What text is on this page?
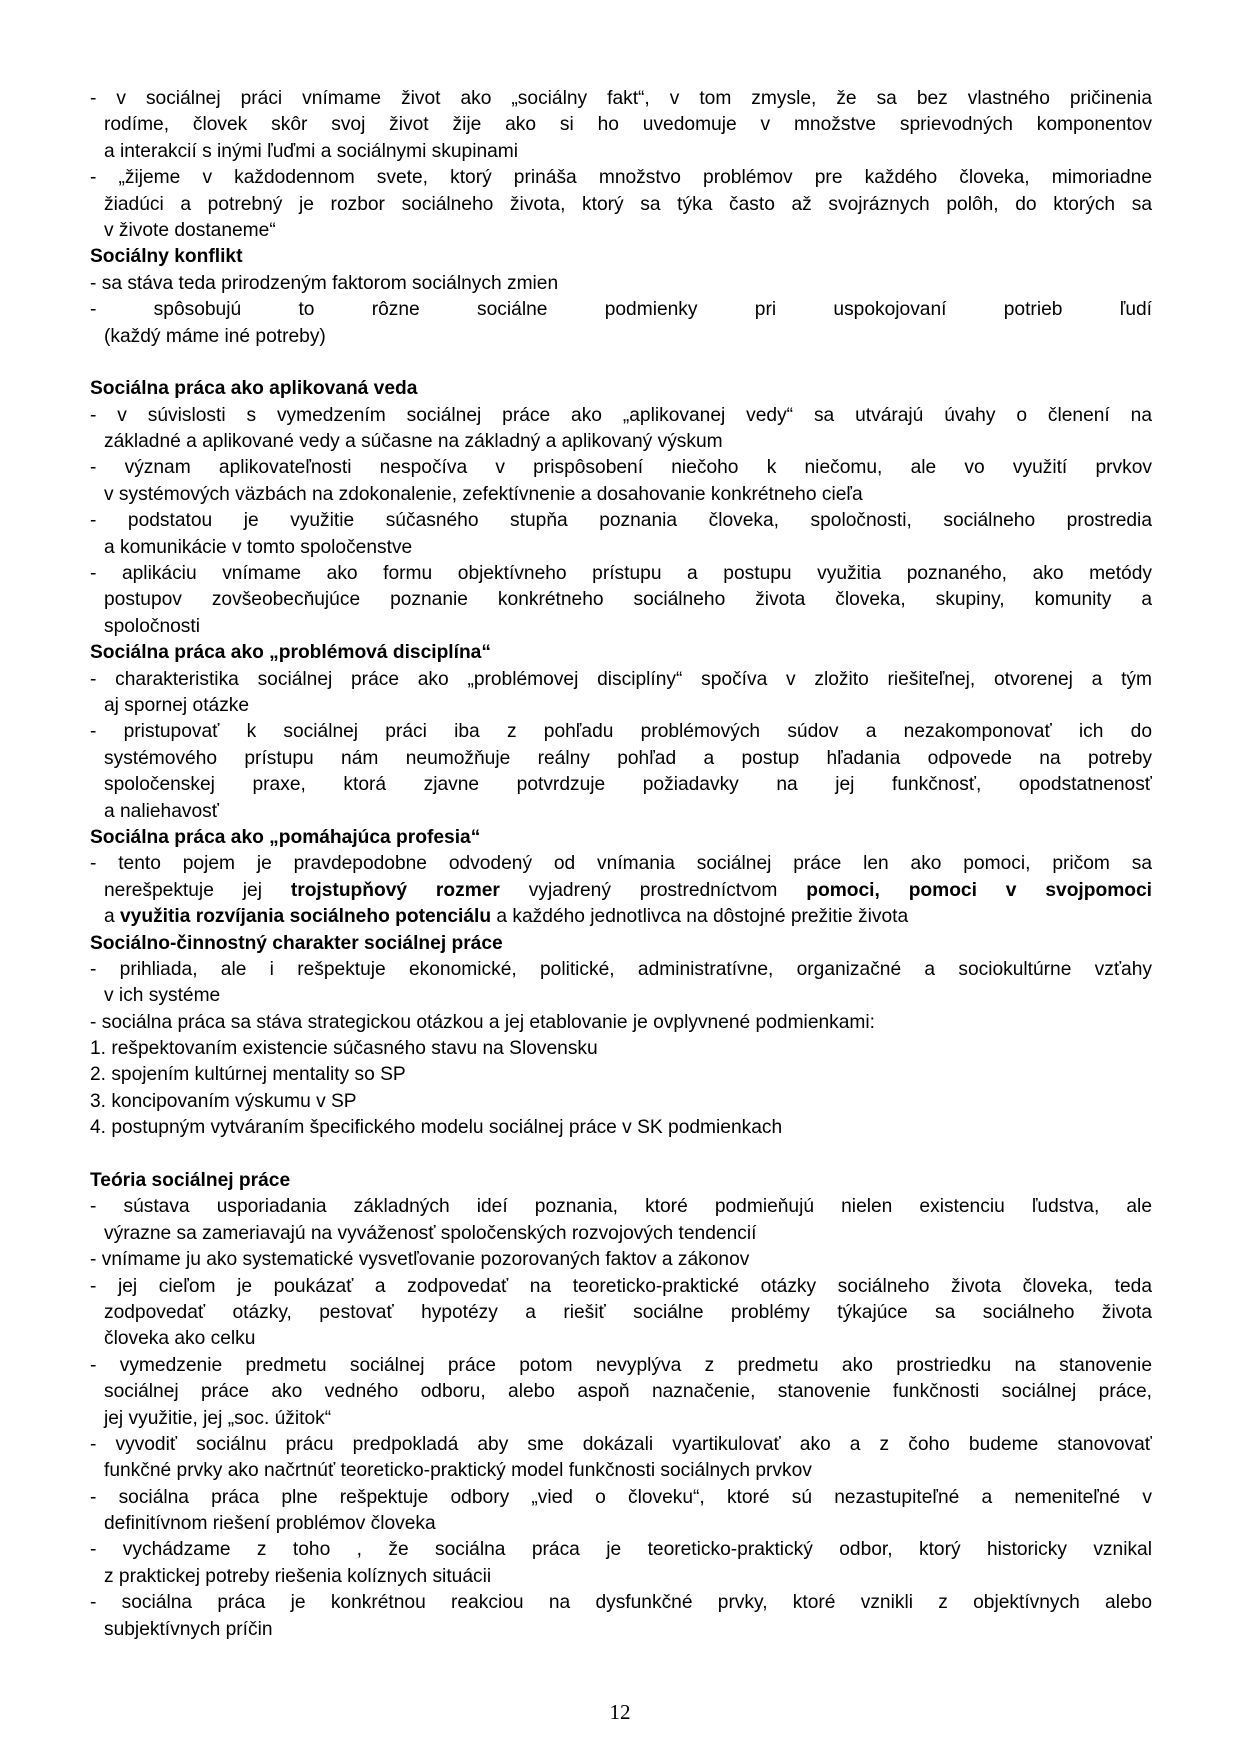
- v sociálnej práci vnímame život ako „sociálny fakt“, v tom zmysle, že sa bez vlastného pričinenia
rodíme, človek skôr svoj život žije ako si ho uvedomuje v množstve sprievodných komponentov
a interakcií s inými ľuďmi a sociálnymi skupinami
- „žijeme v každodennom svete, ktorý prináša množstvo problémov pre každého človeka, mimoriadne
žiadúci a potrebný je rozbor sociálneho života, ktorý sa týka často až svojráznych polôh, do ktorých sa
v živote dostaneme“
Sociálny konflikt
- sa stáva teda prirodzeným faktorom sociálnych zmien
- spôsobujú to rôzne sociálne podmienky pri uspokojovaní potrieb ľudí
(každý máme iné potreby)
Sociálna práca ako aplikovaná veda
- v súvislosti s vymedzením sociálnej práce ako „aplikovanej vedy“ sa utvárajú úvahy o členení na
základné a aplikované vedy a súčasne na základný a aplikovaný výskum
- význam aplikovateľnosti nespočíva v prispôsobení niečoho k niečomu, ale vo využití prvkov
v systémových väzbách na zdokonalenie, zefektívnenie a dosahovanie konkrétneho cieľa
- podstatou je využitie súčasného stupňa poznania človeka, spoločnosti, sociálneho prostredia
a komunikácie v tomto spoločenstve
- aplikáciu vnímame ako formu objektívneho prístupu a postupu využitia poznaného, ako metódy
postupov zovšeobecňujúce poznanie konkrétneho sociálneho života človeka, skupiny, komunity a
spoločnosti
Sociálna práca ako „problémová disciplína“
- charakteristika sociálnej práce ako „problémovej disciplíny“ spočíva v zložito riešiteľnej, otvorenej a tým
aj spornej otázke
- pristupovať k sociálnej práci iba z pohľadu problémových súdov a nezakomponovať ich do
systémového prístupu nám neumožňuje reálny pohľad a postup hľadania odpovede na potreby
spoločenskej praxe, ktorá zjavne potvrdzuje požiadavky na jej funkčnosť, opodstatnenosť
a naliehavosť
Sociálna práca ako „pomáhajúca profesia“
- tento pojem je pravdepodobne odvodený od vnímania sociálnej práce len ako pomoci, pričom sa
nerešpektuje jej trojstupňový rozmer vyjadrený prostredníctvom pomoci, pomoci v svojpomoci
a využitia rozvíjania sociálneho potenciálu a každého jednotlivca na dôstojné prežitie života
Sociálno-činnostný charakter sociálnej práce
- prihliada, ale i rešpektuje ekonomické, politické, administratívne, organizačné a sociokultúrne vzťahy
v ich systéme
- sociálna práca sa stáva strategickou otázkou a jej etablovanie je ovplyvnené podmienkami:
1. rešpektovaním existencie súčasného stavu na Slovensku
2. spojením kultúrnej mentality so SP
3. koncipovaním výskumu v SP
4. postupným vytváraním špecifického modelu sociálnej práce v SK podmienkach
Teória sociálnej práce
- sústava usporiadania základných ideí poznania, ktoré podmieňujú nielen existenciu ľudstva, ale
výrazne sa zameriavajú na vyváženosť spoločenských rozvojových tendencií
- vnímame ju ako systematické vysvetľovanie pozorovaných faktov a zákonov
- jej cieľom je poukázať a zodpovedať na teoreticko-praktické otázky sociálneho života človeka, teda
zodpovedať otázky, pestovať hypotézy a riešiť sociálne problémy týkajúce sa sociálneho života
človeka ako celku
- vymedzenie predmetu sociálnej práce potom nevyplýva z predmetu ako prostriedku na stanovenie
sociálnej práce ako vedného odboru, alebo aspoň naznačenie, stanovenie funkčnosti sociálnej práce,
jej využitie, jej „soc. úžitok“
- vyvodiť sociálnu prácu predpokladá aby sme dokázali vyartikulovať ako a z čoho budeme stanovovať
funkčné prvky ako načrtnúť teoreticko-praktický model funkčnosti sociálnych prvkov
- sociálna práca plne rešpektuje odbory „vied o človeku“, ktoré sú nezastupiteľné a nemeniteľné v
definitívnom riešení problémov človeka
- vychádzame z toho , že sociálna práca je teoreticko-praktický odbor, ktorý historicky vznikal
z praktickej potreby riešenia kolíznych situácii
- sociálna práca je konkrétnou reakciou na dysfunkčné prvky, ktoré vznikli z objektívnych alebo
subjektívnych príčin
12
